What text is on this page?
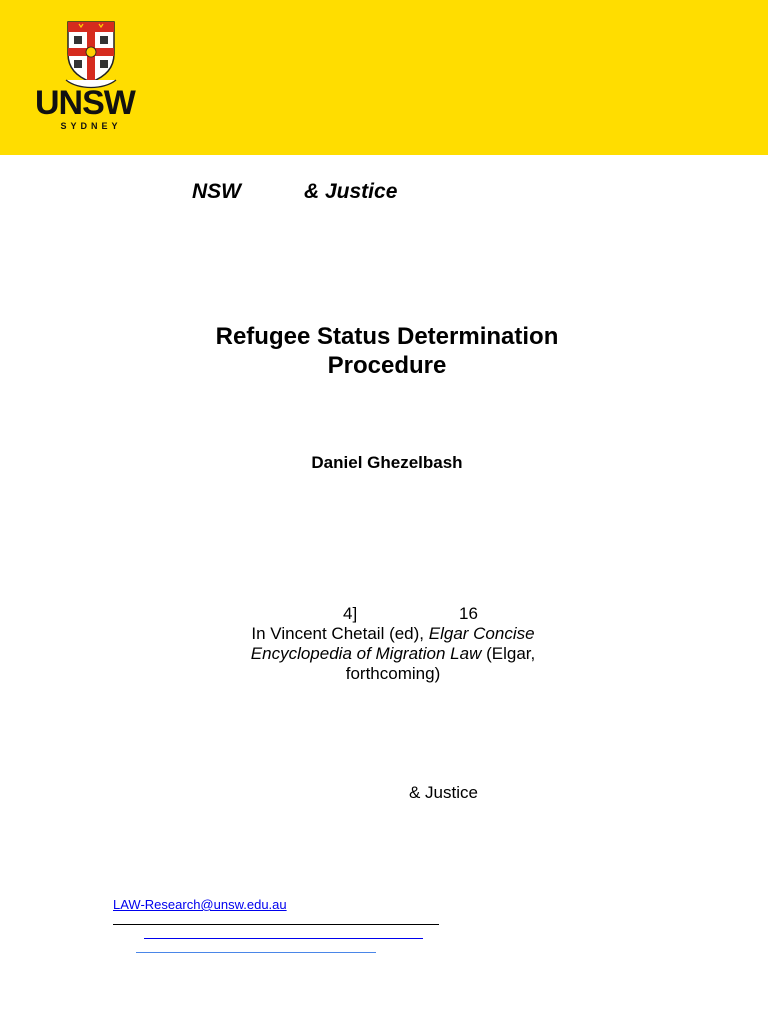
UNSW
SYDNEY
NSW	& Justice
Refugee Status Determination Procedure
Daniel Ghezelbash
4]	16
In Vincent Chetail (ed), Elgar Concise Encyclopedia of Migration Law (Elgar, forthcoming)
& Justice
LAW-Research@unsw.edu.au
